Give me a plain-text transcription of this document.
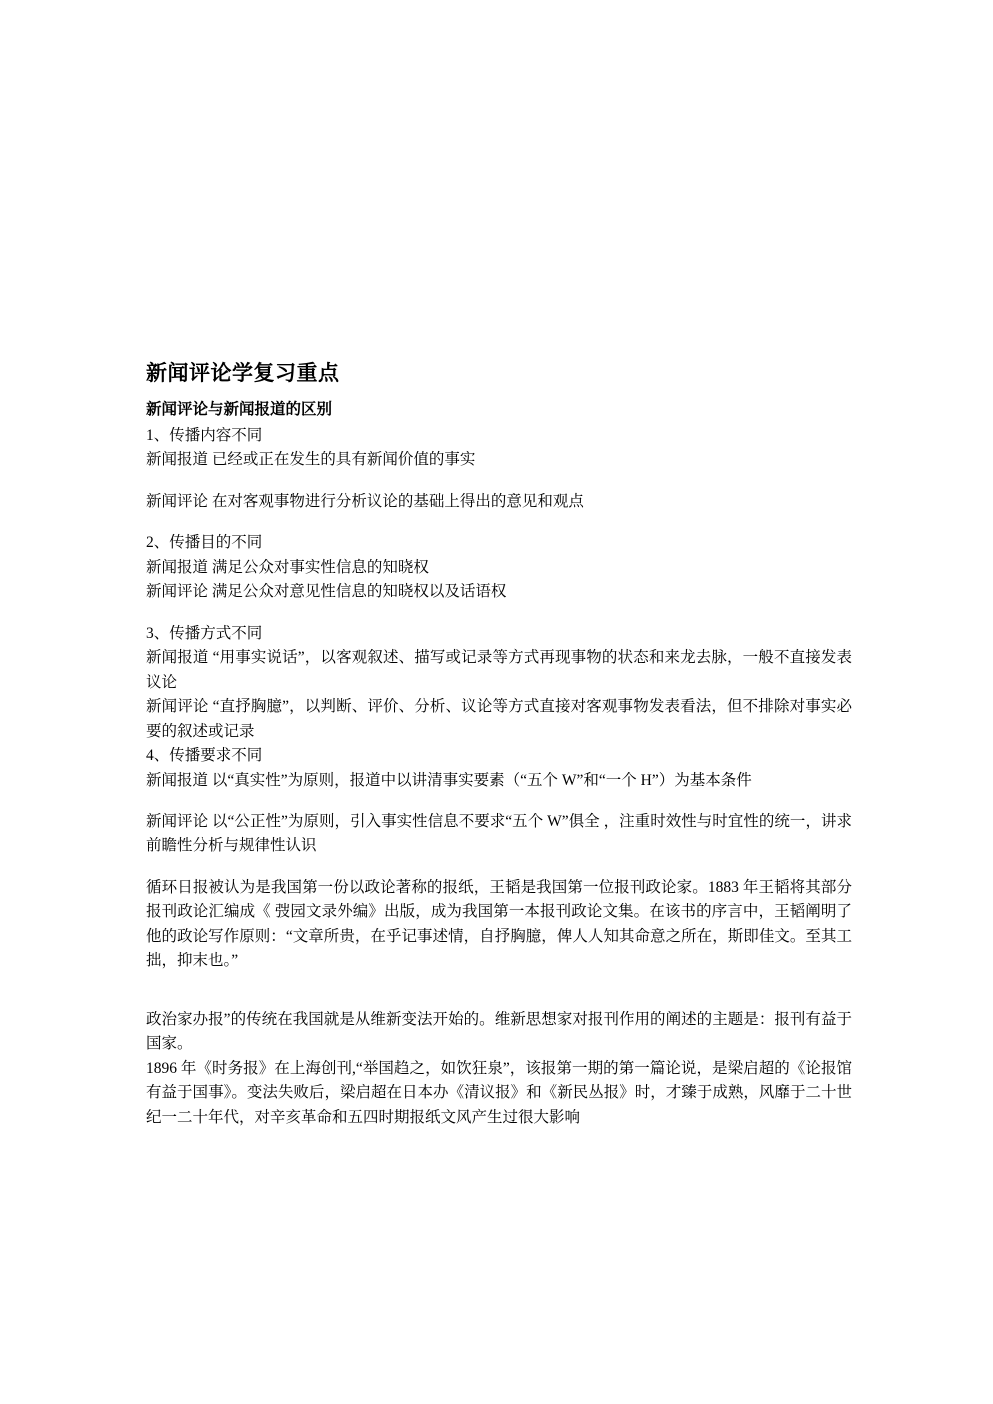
新闻评论学复习重点
新闻评论与新闻报道的区别

1、传播内容不同

新闻报道 已经或正在发生的具有新闻价值的事实

新闻评论 在对客观事物进行分析议论的基础上得出的意见和观点

2、传播目的不同

新闻报道 满足公众对事实性信息的知晓权

新闻评论 满足公众对意见性信息的知晓权以及话语权

3、传播方式不同

新闻报道 “用事实说话”，以客观叙述、描写或记录等方式再现事物的状态和来龙去脉，一般不直接发表议论

新闻评论 “直抒胸臆”，以判断、评价、分析、议论等方式直接对客观事物发表看法，但不排除对事实必要的叙述或记录

4、传播要求不同

新闻报道 以“真实性”为原则，报道中以讲清事实要素（“五个 W”和“一个 H”）为基本条件

新闻评论 以“公正性”为原则，引入事实性信息不要求“五个 W”俱全 ，注重时效性与时宜性的统一，讲求前瞻性分析与规律性认识

循环日报被认为是我国第一份以政论著称的报纸，王韬是我国第一位报刊政论家。1883 年王韬将其部分报刊政论汇编成《 弢园文录外编》出版，成为我国第一本报刊政论文集。在该书的序言中，王韬阐明了他的政论写作原则：“文章所贵，在乎记事述情，自抒胸臆，俾人人知其命意之所在，斯即佳文。至其工拙，抑末也。”

政治家办报”的传统在我国就是从维新变法开始的。维新思想家对报刊作用的阐述的主题是：报刊有益于国家。

1896 年《时务报》在上海创刊,“举国趋之，如饮狂泉”，该报第一期的第一篇论说，是梁启超的《论报馆有益于国事》。变法失败后，梁启超在日本办《清议报》和《新民丛报》时，才臻于成熟，风靡于二十世纪一二十年代，对辛亥革命和五四时期报纸文风产生过很大影响
